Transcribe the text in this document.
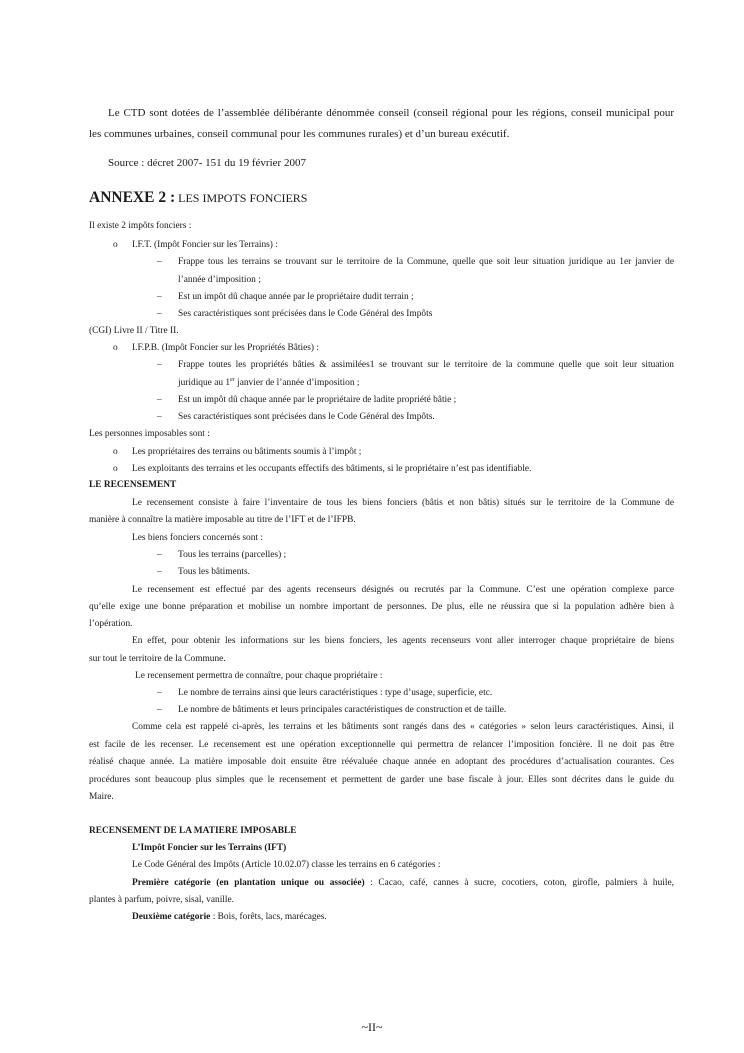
Le CTD sont dotées de l’assemblée délibérante dénommée conseil (conseil régional pour les régions, conseil municipal pour
les communes urbaines, conseil communal pour les communes rurales) et d’un bureau exécutif.
Source : décret 2007- 151 du 19 février 2007
ANNEXE 2 : LES IMPOTS FONCIERS
Il existe 2 impôts fonciers :
o I.F.T. (Impôt Foncier sur les Terrains) :
– Frappe tous les terrains se trouvant sur le territoire de la Commune, quelle que soit leur situation juridique au 1er janvier de
l’année d’imposition ;
– Est un impôt dû chaque année par le propriétaire dudit terrain ;
– Ses caractéristiques sont précisées dans le Code Général des Impôts
(CGI) Livre II / Titre II.
o I.F.P.B. (Impôt Foncier sur les Propriétés Bâties) :
– Frappe toutes les propriétés bâties & assimilées1 se trouvant sur le territoire de la commune quelle que soit leur situation
juridique au 1er janvier de l’année d’imposition ;
– Est un impôt dû chaque année par le propriétaire de ladite propriété bâtie ;
– Ses caractéristiques sont précisées dans le Code Général des Impôts.
Les personnes imposables sont :
o Les propriétaires des terrains ou bâtiments soumis à l’impôt ;
o Les exploitants des terrains et les occupants effectifs des bâtiments, si le propriétaire n’est pas identifiable.
LE RECENSEMENT
Le recensement consiste à faire l’inventaire de tous les biens fonciers (bâtis et non bâtis) situés sur le territoire de la Commune de
manière à connaître la matière imposable au titre de l’IFT et de l’IFPB.
Les biens fonciers concernés sont :
– Tous les terrains (parcelles) ;
– Tous les bâtiments.
Le recensement est effectué par des agents recenseurs désignés ou recrutés par la Commune. C’est une opération complexe parce
qu’elle exige une bonne préparation et mobilise un nombre important de personnes. De plus, elle ne réussira que si la population adhère bien à
l’opération.
En effet, pour obtenir les informations sur les biens fonciers, les agents recenseurs vont aller interroger chaque propriétaire de biens
sur tout le territoire de la Commune.
Le recensement permettra de connaître, pour chaque propriétaire :
– Le nombre de terrains ainsi que leurs caractéristiques : type d’usage, superficie, etc.
– Le nombre de bâtiments et leurs principales caractéristiques de construction et de taille.
Comme cela est rappelé ci-après, les terrains et les bâtiments sont rangés dans des « catégories » selon leurs caractéristiques. Ainsi, il
est facile de les recenser. Le recensement est une opération exceptionnelle qui permettra de relancer l’imposition foncière. Il ne doit pas être
réalisé chaque année. La matière imposable doit ensuite être réévaluée chaque année en adoptant des procédures d’actualisation courantes. Ces
procédures sont beaucoup plus simples que le recensement et permettent de garder une base fiscale à jour. Elles sont décrites dans le guide du
Maire.
RECENSEMENT DE LA MATIERE IMPOSABLE
L’Impôt Foncier sur les Terrains (IFT)
Le Code Général des Impôts (Article 10.02.07) classe les terrains en 6 catégories :
Première catégorie (en plantation unique ou associée) : Cacao, café, cannes à sucre, cocotiers, coton, girofle, palmiers à huile,
plantes à parfum, poivre, sisal, vanille.
Deuxième catégorie : Bois, forêts, lacs, marécages.
~II~
